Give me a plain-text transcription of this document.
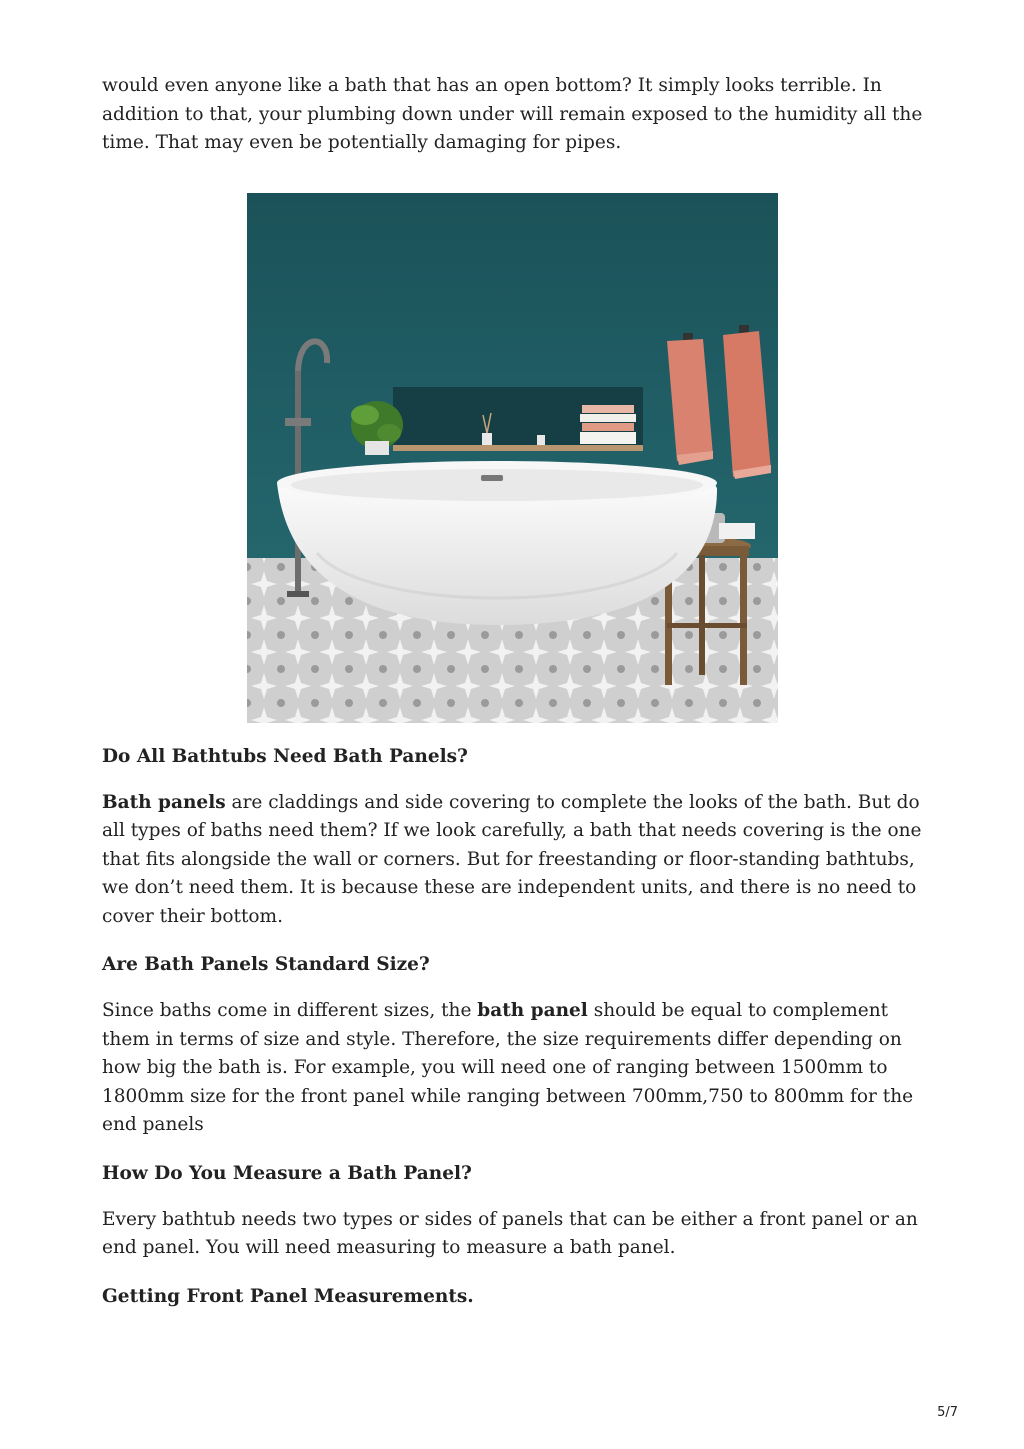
would even anyone like a bath that has an open bottom? It simply looks terrible. In addition to that, your plumbing down under will remain exposed to the humidity all the time. That may even be potentially damaging for pipes.

Do All Bathtubs Need Bath Panels?

Bath panels are claddings and side covering to complete the looks of the bath. But do all types of baths need them? If we look carefully, a bath that needs covering is the one that fits alongside the wall or corners. But for freestanding or floor-standing bathtubs, we don’t need them. It is because these are independent units, and there is no need to cover their bottom.

Are Bath Panels Standard Size?

Since baths come in different sizes, the bath panel should be equal to complement them in terms of size and style. Therefore, the size requirements differ depending on how big the bath is. For example, you will need one of ranging between 1500mm to 1800mm size for the front panel while ranging between 700mm,750 to 800mm for the end panels

How Do You Measure a Bath Panel?

Every bathtub needs two types or sides of panels that can be either a front panel or an end panel. You will need measuring to measure a bath panel.

Getting Front Panel Measurements.
5/7
